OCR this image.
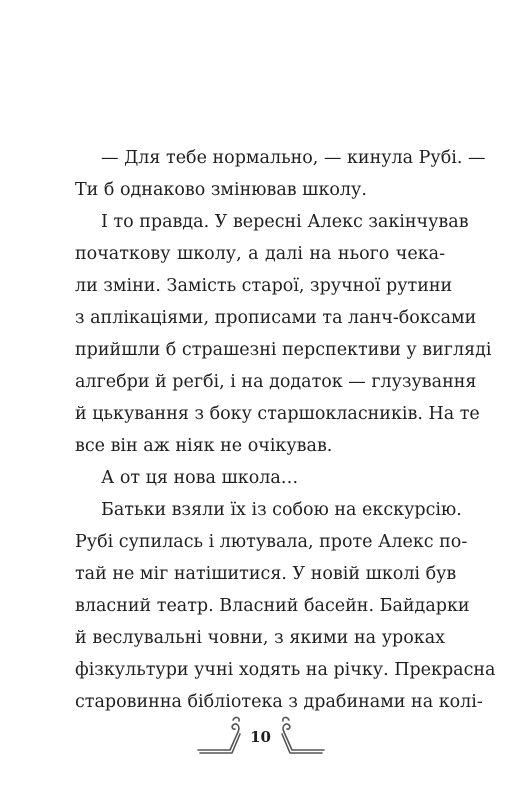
— Для тебе нормально, — кинула Рубі. —
Ти б однаково змінював школу.
І то правда. У вересні Алекс закінчував
початкову школу, а далі на нього чека-
ли зміни. Замість старої, зручної рутини
з аплікаціями, прописами та ланч-боксами
прийшли б страшезні перспективи у вигляді
алгебри й регбі, і на додаток — глузування
й цькування з боку старшокласників. На те
все він аж ніяк не очікував.
А от ця нова школа…
Батьки взяли їх із собою на екскурсію.
Рубі супилась і лютувала, проте Алекс по-
тай не міг натішитися. У новій школі був
власний театр. Власний басейн. Байдарки
й веслувальні човни, з якими на уроках
фізкультури учні ходять на річку. Прекрасна
старовинна бібліотека з драбинами на колі-
10
